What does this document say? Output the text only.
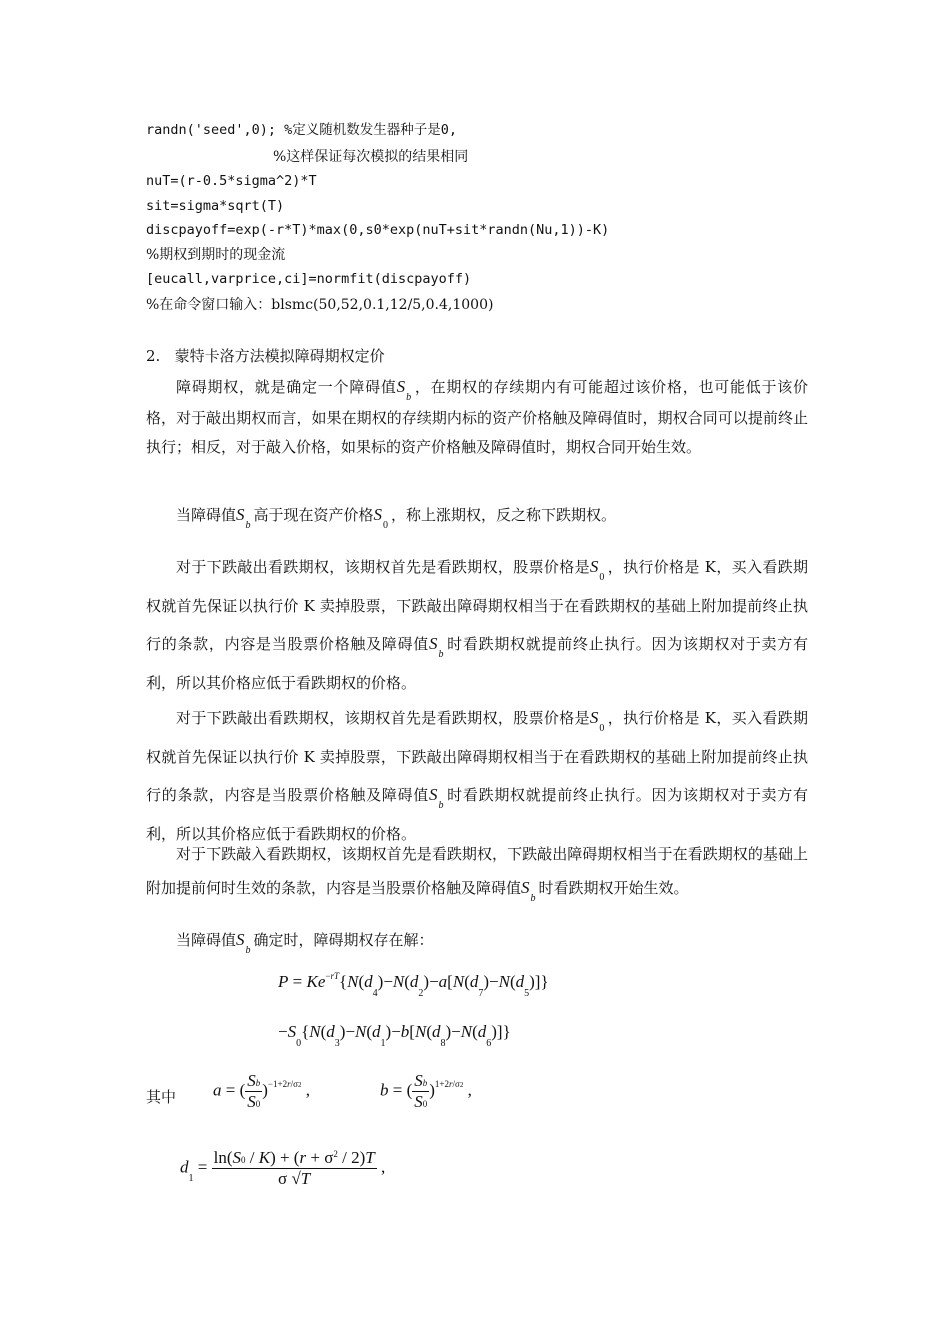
randn('seed',0); %定义随机数发生器种子是0,
%这样保证每次模拟的结果相同
nuT=(r-0.5*sigma^2)*T
sit=sigma*sqrt(T)
discpayoff=exp(-r*T)*max(0,s0*exp(nuT+sit*randn(Nu,1))-K)
%期权到期时的现金流
[eucall,varprice,ci]=normfit(discpayoff)
%在命令窗口输入：blsmc(50,52,0.1,12/5,0.4,1000)
2. 蒙特卡洛方法模拟障碍期权定价
障碍期权，就是确定一个障碍值$S_b$，在期权的存续期内有可能超过该价格，也可能低于该价格，对于敲出期权而言，如果在期权的存续期内标的资产价格触及障碍值时，期权合同可以提前终止执行；相反，对于敲入价格，如果标的资产价格触及障碍值时，期权合同开始生效。
当障碍值$S_b$高于现在资产价格$S_0$，称上涨期权，反之称下跌期权。
对于下跌敲出看跌期权，该期权首先是看跌期权，股票价格是$S_0$，执行价格是 K，买入看跌期权就首先保证以执行价 K 卖掉股票，下跌敲出障碍期权相当于在看跌期权的基础上附加提前终止执行的条款，内容是当股票价格触及障碍值$S_b$时看跌期权就提前终止执行。因为该期权对于卖方有利，所以其价格应低于看跌期权的价格。
对于下跌敲出看跌期权，该期权首先是看跌期权，股票价格是$S_0$，执行价格是 K，买入看跌期权就首先保证以执行价 K 卖掉股票，下跌敲出障碍期权相当于在看跌期权的基础上附加提前终止执行的条款，内容是当股票价格触及障碍值$S_b$时看跌期权就提前终止执行。因为该期权对于卖方有利，所以其价格应低于看跌期权的价格。
对于下跌敲入看跌期权，该期权首先是看跌期权，下跌敲出障碍期权相当于在看跌期权的基础上附加提前何时生效的条款，内容是当股票价格触及障碍值$S_b$时看跌期权开始生效。
当障碍值$S_b$确定时，障碍期权存在解：
$P = Ke^{-rT}\{N(d_4)-N(d_2)-a[N(d_7)-N(d_5)]\}$
$-S_0\{N(d_3)-N(d_1)-b[N(d_8)-N(d_6)]\}$
其中 a = ( $\frac{Sb}{S0} )^{-1+2r/\sigma 2}$ ,	b = ( $\frac{Sb}{S0} )^{1+2r/\sigma 2}$ ,
$d_1 = \frac{\ln(S0 / K) + (r + \sigma^2 / 2)T}{\sigma √T}$ ,
